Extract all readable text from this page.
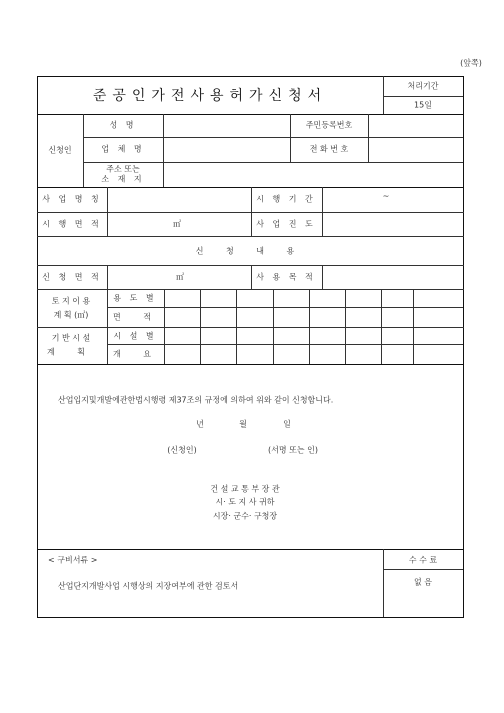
(앞쪽)
준공인가전사용허가신청서
처리기간
15일
신청인
성 명	주민등록번호
업 체 명	전 화 번 호
주소 또는
소 재 지
사 업 명 칭	시 행 기 간	~
시 행 면 적	㎡	사 업 진 도
신 청 내 용
신 청 면 적	㎡	사 용 목 적
토 지 이 용
계 획 (㎡)
용 도 별
면 적
기 반 시 설
계 획
시 설 별
개 요
산업입지및개발에관한법시행령 제37조의 규정에 의하여 위와 같이 신청합니다.
년	월	일
(신청인)	(서명 또는 인)
건 설 교 통 부 장 관
시· 도 지 사 귀하
시장· 군수· 구청장
< 구비서류 >
산업단지개발사업 시행상의 지장여부에 관한 검토서
수 수 료
없 음
